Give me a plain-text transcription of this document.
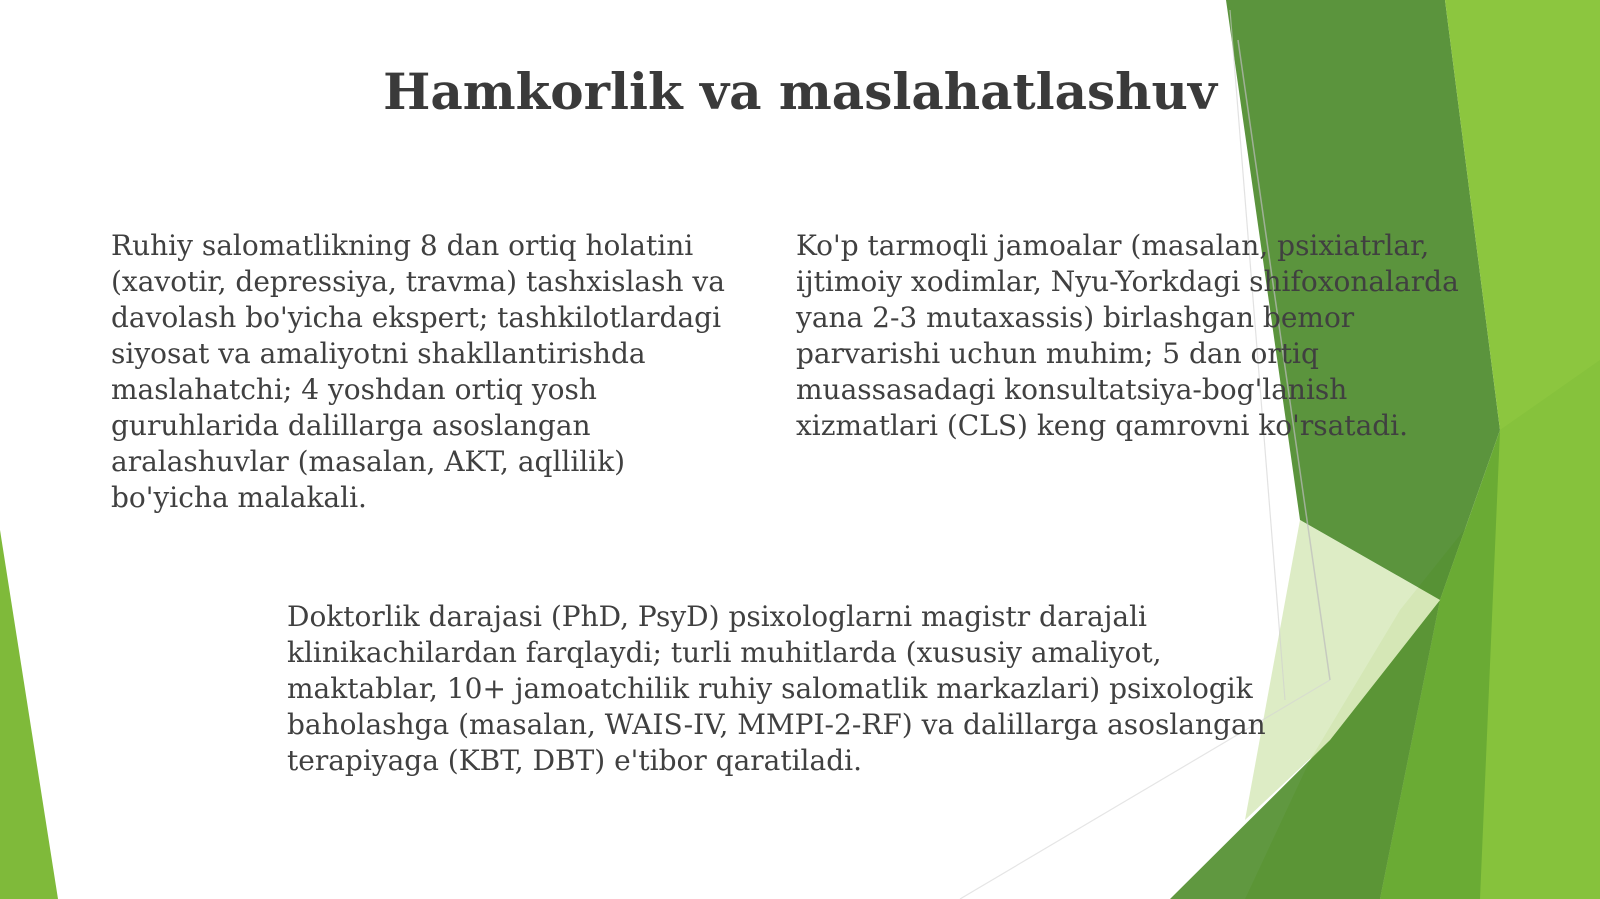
Hamkorlik va maslahatlashuv

Ruhiy salomatlikning 8 dan ortiq holatini
(xavotir, depressiya, travma) tashxislash va
davolash bo'yicha ekspert; tashkilotlardagi
siyosat va amaliyotni shakllantirishda
maslahatchi; 4 yoshdan ortiq yosh
guruhlarida dalillarga asoslangan
aralashuvlar (masalan, AKT, aqllilik)
bo'yicha malakali.

Ko'p tarmoqli jamoalar (masalan, psixiatrlar,
ijtimoiy xodimlar, Nyu-Yorkdagi shifoxonalarda
yana 2-3 mutaxassis) birlashgan bemor
parvarishi uchun muhim; 5 dan ortiq
muassasadagi konsultatsiya-bog'lanish
xizmatlari (CLS) keng qamrovni ko'rsatadi.

Doktorlik darajasi (PhD, PsyD) psixologlarni magistr darajali
klinikachilardan farqlaydi; turli muhitlarda (xususiy amaliyot,
maktablar, 10+ jamoatchilik ruhiy salomatlik markazlari) psixologik
baholashga (masalan, WAIS-IV, MMPI-2-RF) va dalillarga asoslangan
terapiyaga (KBT, DBT) e'tibor qaratiladi.
